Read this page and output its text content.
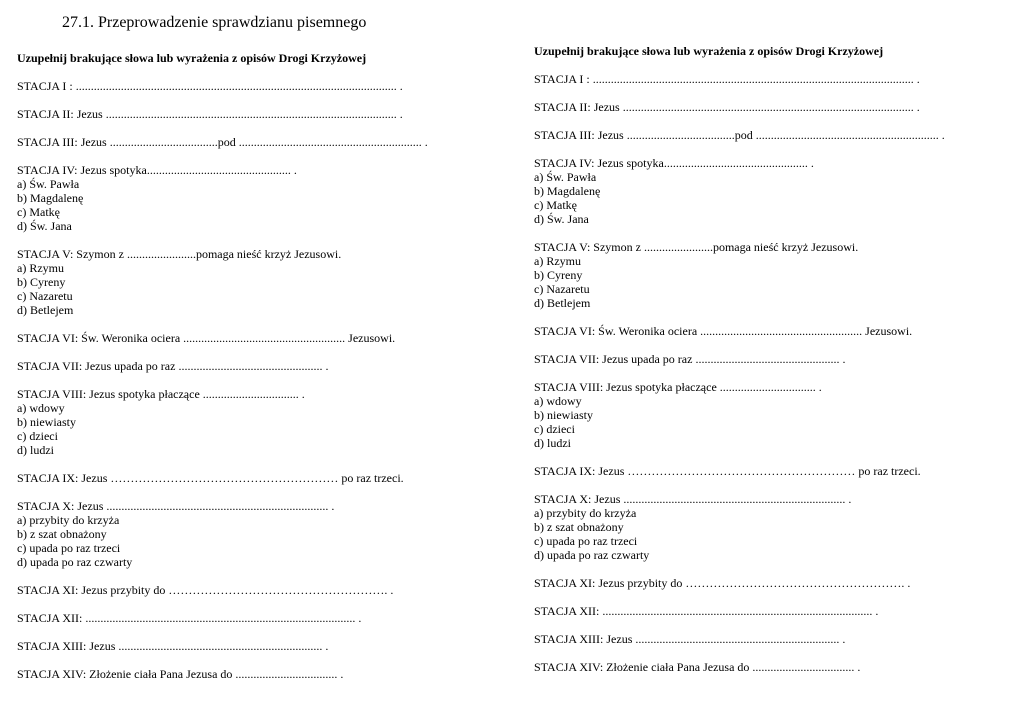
27.1. Przeprowadzenie sprawdzianu pisemnego
Uzupełnij brakujące słowa lub wyrażenia z opisów Drogi Krzyżowej
STACJA I : ........................................................................................................... .
STACJA II: Jezus ................................................................................................. .
STACJA III: Jezus ....................................pod ............................................................. .
STACJA IV: Jezus spotyka................................................ .
a) Św. Pawła
b) Magdalenę
c) Matkę
d) Św. Jana
STACJA V: Szymon z .......................pomaga nieść krzyż Jezusowi.
a) Rzymu
b) Cyreny
c) Nazaretu
d) Betlejem
STACJA VI: Św. Weronika ociera ...................................................... Jezusowi.
STACJA VII: Jezus upada po raz ................................................ .
STACJA VIII: Jezus spotyka płaczące ................................ .
a) wdowy
b) niewiasty
c) dzieci
d) ludzi
STACJA IX: Jezus ………………………………………………… po raz trzeci.
STACJA X: Jezus .......................................................................... .
a) przybity do krzyża
b) z szat obnażony
c) upada po raz trzeci
d) upada po raz czwarty
STACJA XI: Jezus przybity do ………………………………………………. .
STACJA XII: .......................................................................................... .
STACJA XIII: Jezus .................................................................... .
STACJA XIV: Złożenie ciała Pana Jezusa do .................................. .
Uzupełnij brakujące słowa lub wyrażenia z opisów Drogi Krzyżowej
STACJA I : ........................................................................................................... .
STACJA II: Jezus ................................................................................................. .
STACJA III: Jezus ....................................pod ............................................................. .
STACJA IV: Jezus spotyka................................................ .
a) Św. Pawła
b) Magdalenę
c) Matkę
d) Św. Jana
STACJA V: Szymon z .......................pomaga nieść krzyż Jezusowi.
a) Rzymu
b) Cyreny
c) Nazaretu
d) Betlejem
STACJA VI: Św. Weronika ociera ...................................................... Jezusowi.
STACJA VII: Jezus upada po raz ................................................ .
STACJA VIII: Jezus spotyka płaczące ................................ .
a) wdowy
b) niewiasty
c) dzieci
d) ludzi
STACJA IX: Jezus ………………………………………………… po raz trzeci.
STACJA X: Jezus .......................................................................... .
a) przybity do krzyża
b) z szat obnażony
c) upada po raz trzeci
d) upada po raz czwarty
STACJA XI: Jezus przybity do ………………………………………………. .
STACJA XII: .......................................................................................... .
STACJA XIII: Jezus .................................................................... .
STACJA XIV: Złożenie ciała Pana Jezusa do .................................. .
